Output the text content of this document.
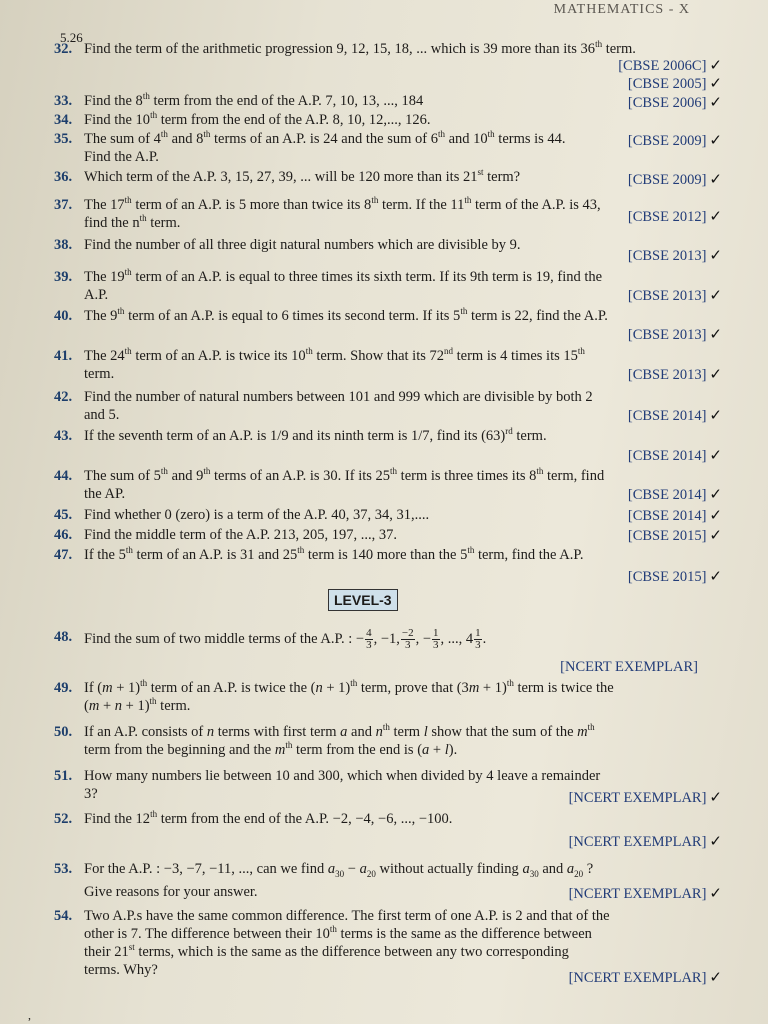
MATHEMATICS - X
5.26
32. Find the term of the arithmetic progression 9, 12, 15, 18, ... which is 39 more than its 36th term.
[CBSE 2006C] ✓
33. Find the 8th term from the end of the A.P. 7, 10, 13, ..., 184
[CBSE 2005] ✓
34. Find the 10th term from the end of the A.P. 8, 10, 12,..., 126.
[CBSE 2006] ✓
35. The sum of 4th and 8th terms of an A.P. is 24 and the sum of 6th and 10th terms is 44.
Find the A.P.
[CBSE 2009] ✓
36. Which term of the A.P. 3, 15, 27, 39, ... will be 120 more than its 21st term?	[CBSE 2009] ✓
37. The 17th term of an A.P. is 5 more than twice its 8th term. If the 11th term of the A.P. is 43,
find the $n^{th}$ term.	[CBSE 2012] ✓
38. Find the number of all three digit natural numbers which are divisible by 9.
[CBSE 2013] ✓
39. The 19th term of an A.P. is equal to three times its sixth term. If its 9th term is 19, find the
A.P.	[CBSE 2013] ✓
40. The 9th term of an A.P. is equal to 6 times its second term. If its 5th term is 22, find the A.P.
[CBSE 2013] ✓
41. The 24th term of an A.P. is twice its 10th term. Show that its 72nd term is 4 times its 15th
term.	[CBSE 2013] ✓
42. Find the number of natural numbers between 101 and 999 which are divisible by both 2
and 5.	[CBSE 2014] ✓
43. If the seventh term of an A.P. is 1/9 and its ninth term is 1/7, find its $(63)^{rd}$ term.
[CBSE 2014] ✓
44. The sum of 5th and 9th terms of an A.P. is 30. If its 25th term is three times its 8th term, find
the AP.	[CBSE 2014] ✓
45. Find whether 0 (zero) is a term of the A.P. 40, 37, 34, 31,....	[CBSE 2014] ✓
46. Find the middle term of the A.P. 213, 205, 197, ..., 37.	[CBSE 2015] ✓
47. If the 5th term of an A.P. is 31 and 25th term is 140 more than the 5th term, find the A.P.
[CBSE 2015] ✓
LEVEL-3
48. Find the sum of two middle terms of the A.P. : − $\frac{4}{3}$ , −1, $\frac{-2}{3}$ , − $\frac{1}{3}$ , ..., $4 \frac{1}{3}$ .
[NCERT EXEMPLAR]
49. If $(m + 1)^{th}$ term of an A.P. is twice the $(n + 1)^{th}$ term, prove that $(3m + 1)^{th}$ term is twice the
$(m + n + 1)^{th}$ term.
50. If an A.P. consists of n terms with first term a and $n^{th}$ term l show that the sum of the $m^{th}$
term from the beginning and the $m^{th}$ term from the end is (a + l).
51. How many numbers lie between 10 and 300, which when divided by 4 leave a remainder
3?	[NCERT EXEMPLAR] ✓
52. Find the 12th term from the end of the A.P. −2, −4, −6, ..., −100.
[NCERT EXEMPLAR] ✓
53. For the A.P. : −3, −7, −11, ..., can we find $a_{30} - a_{20}$ without actually finding $a_{30}$ and $a_{20}$ ?
Give reasons for your answer.	[NCERT EXEMPLAR] ✓
54. Two A.P.s have the same common difference. The first term of one A.P. is 2 and that of the
other is 7. The difference between their 10th terms is the same as the difference between
their 21st terms, which is the same as the difference between any two corresponding
terms. Why?	[NCERT EXEMPLAR] ✓
,
